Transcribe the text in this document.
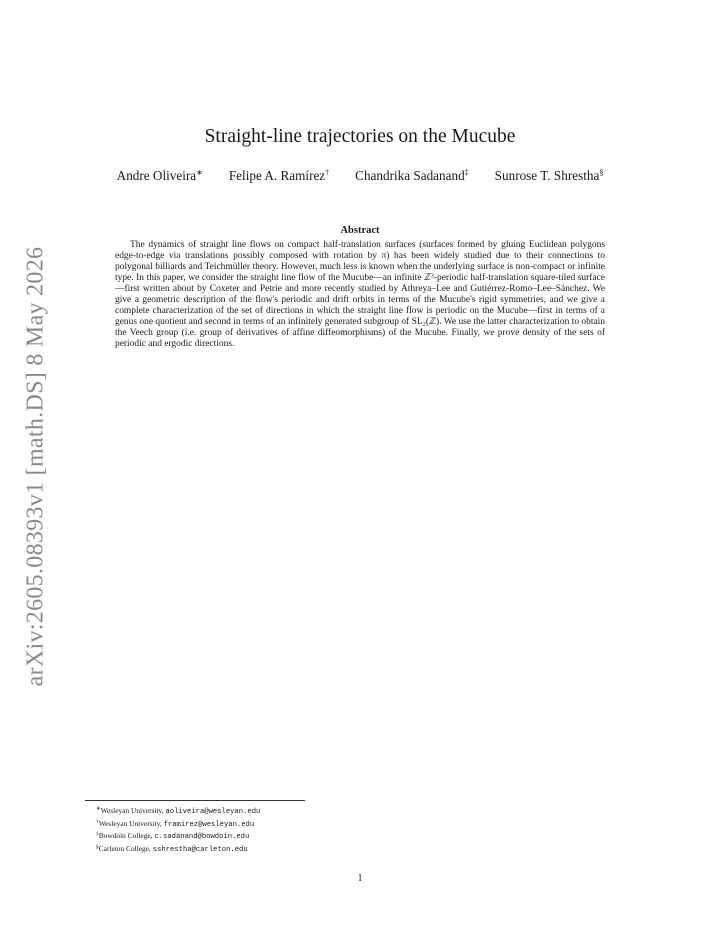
arXiv:2605.08393v1 [math.DS] 8 May 2026
Straight-line trajectories on the Mucube
Andre Oliveira∗ Felipe A. Ramírez† Chandrika Sadanand‡ Sunrose T. Shrestha§
Abstract

The dynamics of straight line flows on compact half-translation surfaces (surfaces formed by gluing Euclidean polygons edge-to-edge via translations possibly composed with rotation by π) has been widely studied due to their connections to polygonal billiards and Teichmüller theory. However, much less is known when the underlying surface is non-compact or infinite type. In this paper, we consider the straight line flow of the Mucube—an infinite ℤ³-periodic half-translation square-tiled surface—first written about by Coxeter and Petrie and more recently studied by Athreya–Lee and Gutiérrez-Romo–Lee–Sánchez. We give a geometric description of the flow's periodic and drift orbits in terms of the Mucube's rigid symmetries, and we give a complete characterization of the set of directions in which the straight line flow is periodic on the Mucube—first in terms of a genus one quotient and second in terms of an infinitely generated subgroup of SL₂(ℤ). We use the latter characterization to obtain the Veech group (i.e. group of derivatives of affine diffeomorphisms) of the Mucube. Finally, we prove density of the sets of periodic and ergodic directions.

∗Wesleyan University, aoliveira@wesleyan.edu
†Wesleyan University, framirez@wesleyan.edu
‡Bowdoin College, c.sadanand@bowdoin.edu
§Carleton College, sshrestha@carleton.edu
1
